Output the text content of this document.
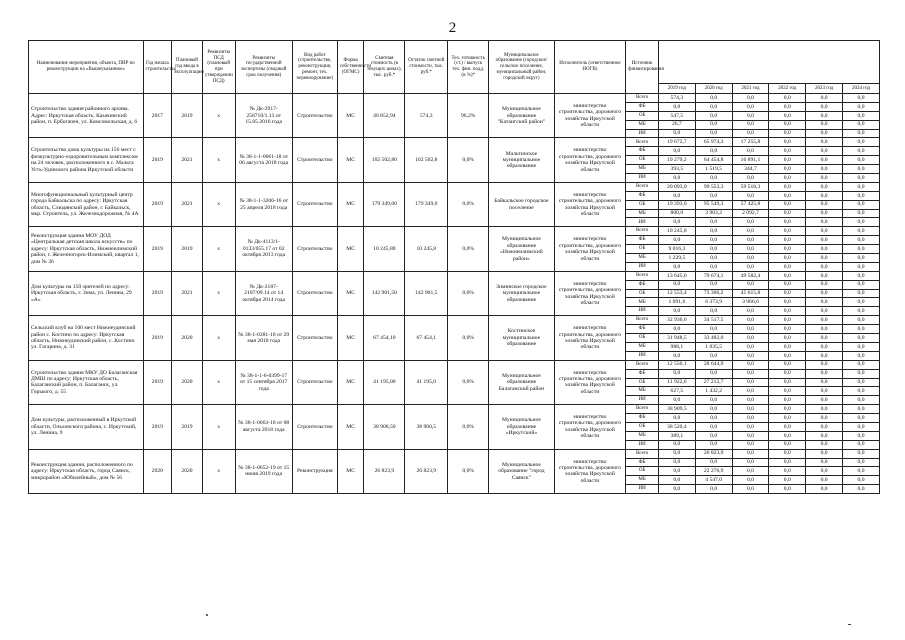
2
Наименование мероприятия, объекта, ПИР по реконструкции на «Вышеуказанное»	Год начала строительства	Плановый год ввода в эксплуатацию	Реквизиты ПСД (плановый при утверждении ПСД)	Реквизиты государственной экспертизы (сводный срок получения)	Вид работ (строительство, реконструкция, ремонт, тех. перевооружение)	Форма собственности (ОГМС)	Сметная стоимость (в текущих ценах), тыс. руб.*	Остаток сметной стоимости, тыс. руб.*	Тех. готовность (ст.) / выпуск тех. фин. подд. (в %)*	Муниципальное образование (городское/сельское поселение, муниципальный район, городской округ)	Исполнитель (ответственное НОГВ)	Источник финансирования						
													2019 год	2020 год	2021 год	2022 год	2023 год	2024 год
Строительство здания районного архива. Адрес: Иркутская область, Казачинский район, п. Ербогачен, ул. Комсомольская, д. 6	2017	2019	х	№ Дк-2917-258710/1.13 от 15.05.2016 года	Строительство	МС	40 852,94	574,3	96,2%	Муниципальное образование "Катангский район"	министерство строительства, дорожного хозяйства Иркутской области	Всего	574,3	0,0	0,0	0,0	0,0	0,0
												ФБ	0,0	0,0	0,0	0,0	0,0	0,0
												ОБ	547,5	0,0	0,0	0,0	0,0	0,0
												МБ	26,7	0,0	0,0	0,0	0,0	0,0
												ИИ	0,0	0,0	0,0	0,0	0,0	0,0
Строительство дома культуры на 156 мест с физкультурно-оздоровительным комплексом на 24 человек, расположенного в с. Мальта Усть-Удинского района Иркутской области	2019	2021	х	№ 38-1-1-0661-18 от 06 августа 2018 года	Строительство	МС	102 502,80	102 502,8	0,0%	Мальтинское муниципальное образование	министерство строительства, дорожного хозяйства Иркутской области	Всего	19 672,7	65 974,3	17 255,8	0,0	0,0	0,0
												ФБ	0,0	0,0	0,0	0,0	0,0	0,0
												ОБ	19 279,2	64 454,8	16 891,1	0,0	0,0	0,0
												МБ	393,5	1 519,5	344,7	0,0	0,0	0,0
												ИИ	0,0	0,0	0,0	0,0	0,0	0,0
Многофункциональный культурный центр города Байкальска по адресу: Иркутская область, Слюдянский район, г. Байкальск, мкр. Строитель, ул. Железнодорожная, № 4А	2019	2021	х	№ 38-1-1-3206-16 от 25 апреля 2018 года	Строительство	МС	179 349,00	179 349,0	0,0%	Байкальское городское поселение	министерство строительства, дорожного хозяйства Иркутской области	Всего	20 093,0	99 553,3	59 518,3	0,0	0,0	0,0
												ФБ	0,0	0,0	0,0	0,0	0,0	0,0
												ОБ	19 393,0	95 549,3	57 425,8	0,0	0,0	0,0
												МБ	800,0	3 903,2	2 092,7	0,0	0,0	0,0
												ИИ	0,0	0,0	0,0	0,0	0,0	0,0
Реконструкция здания МОУ ДОД «Центральная детская школа искусств» по адресу: Иркутская область, Нижнеилимский район, г. Железногорск-Илимский, квартал 1, дом № 36	2019	2019	х	№ Дк-4113/1-0133/055.17 от 02 октября 2013 года	Строительство	МС	10 245,80	10 245,8	0,0%	Муниципальное образование «Нижнеилимский район»	министерство строительства, дорожного хозяйства Иркутской области	Всего	10 245,8	0,0	0,0	0,0	0,0	0,0
												ФБ	0,0	0,0	0,0	0,0	0,0	0,0
												ОБ	9 016,3	0,0	0,0	0,0	0,0	0,0
												МБ	1 229,5	0,0	0,0	0,0	0,0	0,0
												ИИ	0,0	0,0	0,0	0,0	0,0	0,0
Дом культуры на 150 зрителей по адресу: Иркутская область, г. Зима, ул. Ленина, 29 «А»	2019	2021	х	№ Дк-2187-2187/09.14 от 14 октября 2014 года	Строительство	МС	142 901,50	142 901,5	0,0%	Зиминское городское муниципальное образование	министерство строительства, дорожного хозяйства Иркутской области	Всего	13 645,0	79 674,1	49 582,4	0,0	0,0	0,0
												ФБ	0,0	0,0	0,0	0,0	0,0	0,0
												ОБ	12 553,4	73 300,2	45 615,8	0,0	0,0	0,0
												МБ	1 091,6	6 373,9	3 966,6	0,0	0,0	0,0
												ИИ	0,0	0,0	0,0	0,0	0,0	0,0
Сельский клуб на 100 мест Нижнеудинский район с. Костино по адресу: Иркутская область, Нижнеудинский район, с. Костино ул. Гагарина, д. 31	2019	2020	х	№ 38-1-0381-18 от 29 мая 2018 года	Строительство	МС	67 454,10	67 454,1	0,0%	Костинское муниципальное образование	министерство строительства, дорожного хозяйства Иркутской области	Всего	32 936,6	34 517,5	0,0	0,0	0,0	0,0
												ФБ	0,0	0,0	0,0	0,0	0,0	0,0
												ОБ	31 948,5	33 482,0	0,0	0,0	0,0	0,0
												МБ	988,1	1 035,5	0,0	0,0	0,0	0,0
												ИИ	0,0	0,0	0,0	0,0	0,0	0,0
Строительство здания МКУ ДО Балаганская ДМШ по адресу: Иркутская область, Балаганский район, п. Балаганск, ул. Горького, д. 55	2019	2020	х	№ 38-1-1-6-0399-17 от 15 сентября 2017 года	Строительство	МС	41 195,00	41 195,0	0,0%	Муниципальное образование Балаганский район	министерство строительства, дорожного хозяйства Иркутской области	Всего	12 550,1	28 644,9	0,0	0,0	0,0	0,0
												ФБ	0,0	0,0	0,0	0,0	0,0	0,0
												ОБ	11 922,6	27 212,7	0,0	0,0	0,0	0,0
												МБ	627,5	1 432,2	0,0	0,0	0,0	0,0
												ИИ	0,0	0,0	0,0	0,0	0,0	0,0
Дом культуры, расположенный в Иркутской области, Ольхонского района, с. Иркутский, ул. Ленина, 9	2019	2019	х	№ 38-1-0663-18 от 08 августа 2018 года	Строительство	МС	38 900,50	38 900,5	0,0%	Муниципальное образование «Иркутский»	министерство строительства, дорожного хозяйства Иркутской области	Всего	38 909,5	0,0	0,0	0,0	0,0	0,0
												ФБ	0,0	0,0	0,0	0,0	0,0	0,0
												ОБ	38 520,4	0,0	0,0	0,0	0,0	0,0
												МБ	389,1	0,0	0,0	0,0	0,0	0,0
												ИИ	0,0	0,0	0,0	0,0	0,0	0,0
Реконструкция здания, расположенного по адресу: Иркутская область, город Саянск, микрорайон «Юбилейный», дом № 56	2020	2020	х	№ 38-1-0652-19 от 15 июня 2019 года	Реконструкция	МС	26 823,9	26 823,9	0,0%	Муниципальное образование "город Саянск"	министерство строительства, дорожного хозяйства Иркутской области	Всего	0,0	26 823,9	0,0	0,0	0,0	0,0
												ФБ	0,0	0,0	0,0	0,0	0,0	0,0
												ОБ	0,0	22 276,9	0,0	0,0	0,0	0,0
												МБ	0,0	4 547,0	0,0	0,0	0,0	0,0
												ИИ	0,0	0,0	0,0	0,0	0,0	0,0
